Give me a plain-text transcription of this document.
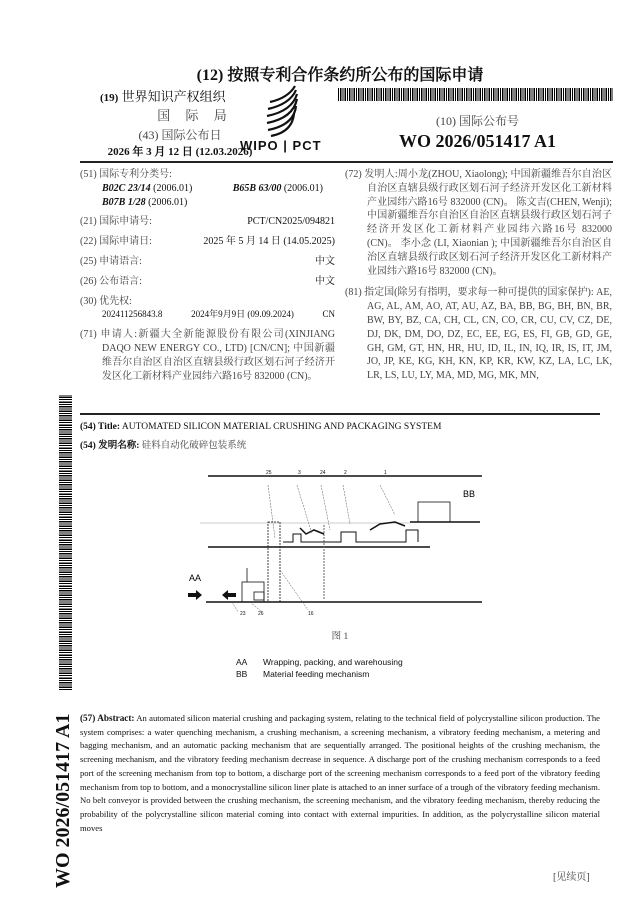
(12) 按照专利合作条约所公布的国际申请
(19) 世界知识产权组织
国 际 局
(43) 国际公布日
2026 年 3 月 12 日 (12.03.2026)
WIPO | PCT
(10) 国际公布号
WO 2026/051417 A1
(51) 国际专利分类号:
B02C 23/14 (2006.01)	B65B 63/00 (2006.01)
B07B 1/28 (2006.01)
(21) 国际申请号:	PCT/CN2025/094821
(22) 国际申请日:	2025 年 5 月 14 日 (14.05.2025)
(25) 申请语言:	中文
(26) 公布语言:	中文
(30) 优先权:
202411256843.8	2024年9月9日 (09.09.2024)	CN
(71) 申请人:新疆大全新能源股份有限公司(XINJIANG DAQO NEW ENERGY CO., LTD) [CN/CN]; 中国新疆维吾尔自治区自治区直辖县级行政区划石河子经济开发区化工新材料产业园纬六路16号 832000 (CN)。
(72) 发明人:周小龙(ZHOU, Xiaolong); 中国新疆维吾尔自治区自治区直辖县级行政区划石河子经济开发区化工新材料产业园纬六路16号 832000 (CN)。 陈文吉(CHEN, Wenji); 中国新疆维吾尔自治区自治区直辖县级行政区划石河子经济开发区化工新材料产业园纬六路16号 832000 (CN)。 李小念 (LI, Xiaonian ); 中国新疆维吾尔自治区自治区直辖县级行政区划石河子经济开发区化工新材料产业园纬六路16号 832000 (CN)。
(81) 指定国(除另有指明，要求每一种可提供的国家保护): AE, AG, AL, AM, AO, AT, AU, AZ, BA, BB, BG, BH, BN, BR, BW, BY, BZ, CA, CH, CL, CN, CO, CR, CU, CV, CZ, DE, DJ, DK, DM, DO, DZ, EC, EE, EG, ES, FI, GB, GD, GE, GH, GM, GT, HN, HR, HU, ID, IL, IN, IQ, IR, IS, IT, JM, JO, JP, KE, KG, KH, KN, KP, KR, KW, KZ, LA, LC, LK, LR, LS, LU, LY, MA, MD, MG, MK, MN,
(54) Title: AUTOMATED SILICON MATERIAL CRUSHING AND PACKAGING SYSTEM
(54) 发明名称: 硅料自动化破碎包装系统
25	3	24	2	1
23 26	16
BB
AA
图 1
AA Wrapping, packing, and warehousing
BB Material feeding mechanism
(57) Abstract: An automated silicon material crushing and packaging system, relating to the technical field of polycrystalline silicon production. The system comprises: a water quenching mechanism, a crushing mechanism, a screening mechanism, a vibratory feeding mechanism, a metering and bagging mechanism, and an automatic packing mechanism that are sequentially arranged. The positional heights of the crushing mechanism, the screening mechanism, and the vibratory feeding mechanism decrease in sequence. A discharge port of the crushing mechanism corresponds to a feed port of the screening mechanism from top to bottom, a discharge port of the screening mechanism corresponds to a feed port of the vibratory feeding mechanism from top to bottom, and a monocrystalline silicon liner plate is attached to an inner surface of a trough of the vibratory feeding mechanism. No belt conveyor is provided between the crushing mechanism, the screening mechanism, and the vibratory feeding mechanism, thereby reducing the probability of the polycrystalline silicon material coming into contact with external impurities. In addition, as the polycrystalline silicon material moves
[见续页]
WO 2026/051417 A1
